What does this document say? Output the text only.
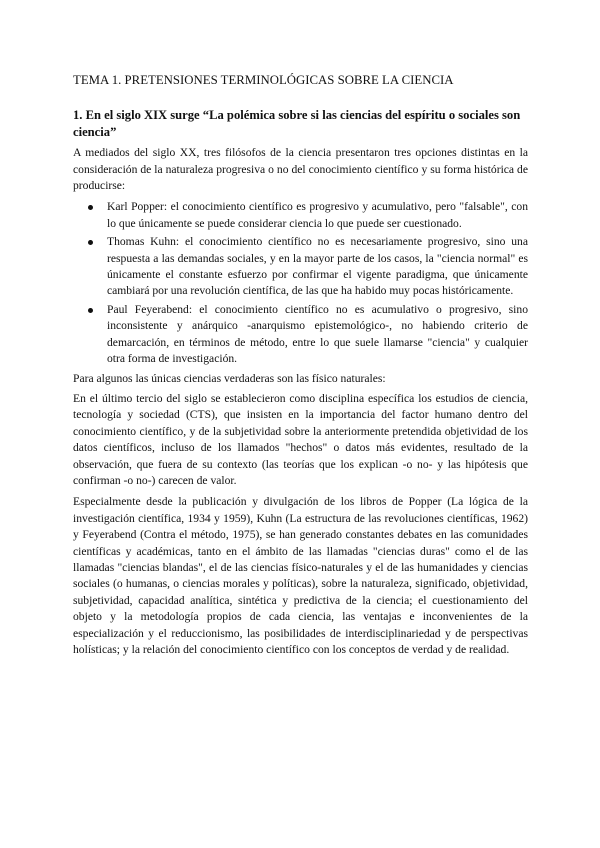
TEMA 1. PRETENSIONES TERMINOLÓGICAS SOBRE LA CIENCIA
1. En el siglo XIX surge “La polémica sobre si las ciencias del espíritu o sociales son ciencia”

A mediados del siglo XX, tres filósofos de la ciencia presentaron tres opciones distintas en la consideración de la naturaleza progresiva o no del conocimiento científico y su forma histórica de producirse:

Karl Popper: el conocimiento científico es progresivo y acumulativo, pero "falsable", con lo que únicamente se puede considerar ciencia lo que puede ser cuestionado.
Thomas Kuhn: el conocimiento científico no es necesariamente progresivo, sino una respuesta a las demandas sociales, y en la mayor parte de los casos, la "ciencia normal" es únicamente el constante esfuerzo por confirmar el vigente paradigma, que únicamente cambiará por una revolución científica, de las que ha habido muy pocas históricamente.
Paul Feyerabend: el conocimiento científico no es acumulativo o progresivo, sino inconsistente y anárquico -anarquismo epistemológico-, no habiendo criterio de demarcación, en términos de método, entre lo que suele llamarse "ciencia" y cualquier otra forma de investigación.

Para algunos las únicas ciencias verdaderas son las físico naturales:

En el último tercio del siglo se establecieron como disciplina específica los estudios de ciencia, tecnología y sociedad (CTS), que insisten en la importancia del factor humano dentro del conocimiento científico, y de la subjetividad sobre la anteriormente pretendida objetividad de los datos científicos, incluso de los llamados "hechos" o datos más evidentes, resultado de la observación, que fuera de su contexto (las teorías que los explican -o no- y las hipótesis que confirman -o no-) carecen de valor.

Especialmente desde la publicación y divulgación de los libros de Popper (La lógica de la investigación científica, 1934 y 1959), Kuhn (La estructura de las revoluciones científicas, 1962) y Feyerabend (Contra el método, 1975), se han generado constantes debates en las comunidades científicas y académicas, tanto en el ámbito de las llamadas "ciencias duras" como el de las llamadas "ciencias blandas", el de las ciencias físico-naturales y el de las humanidades y ciencias sociales (o humanas, o ciencias morales y políticas), sobre la naturaleza, significado, objetividad, subjetividad, capacidad analítica, sintética y predictiva de la ciencia; el cuestionamiento del objeto y la metodología propios de cada ciencia, las ventajas e inconvenientes de la especialización y el reduccionismo, las posibilidades de interdisciplinariedad y de perspectivas holísticas; y la relación del conocimiento científico con los conceptos de verdad y de realidad.
